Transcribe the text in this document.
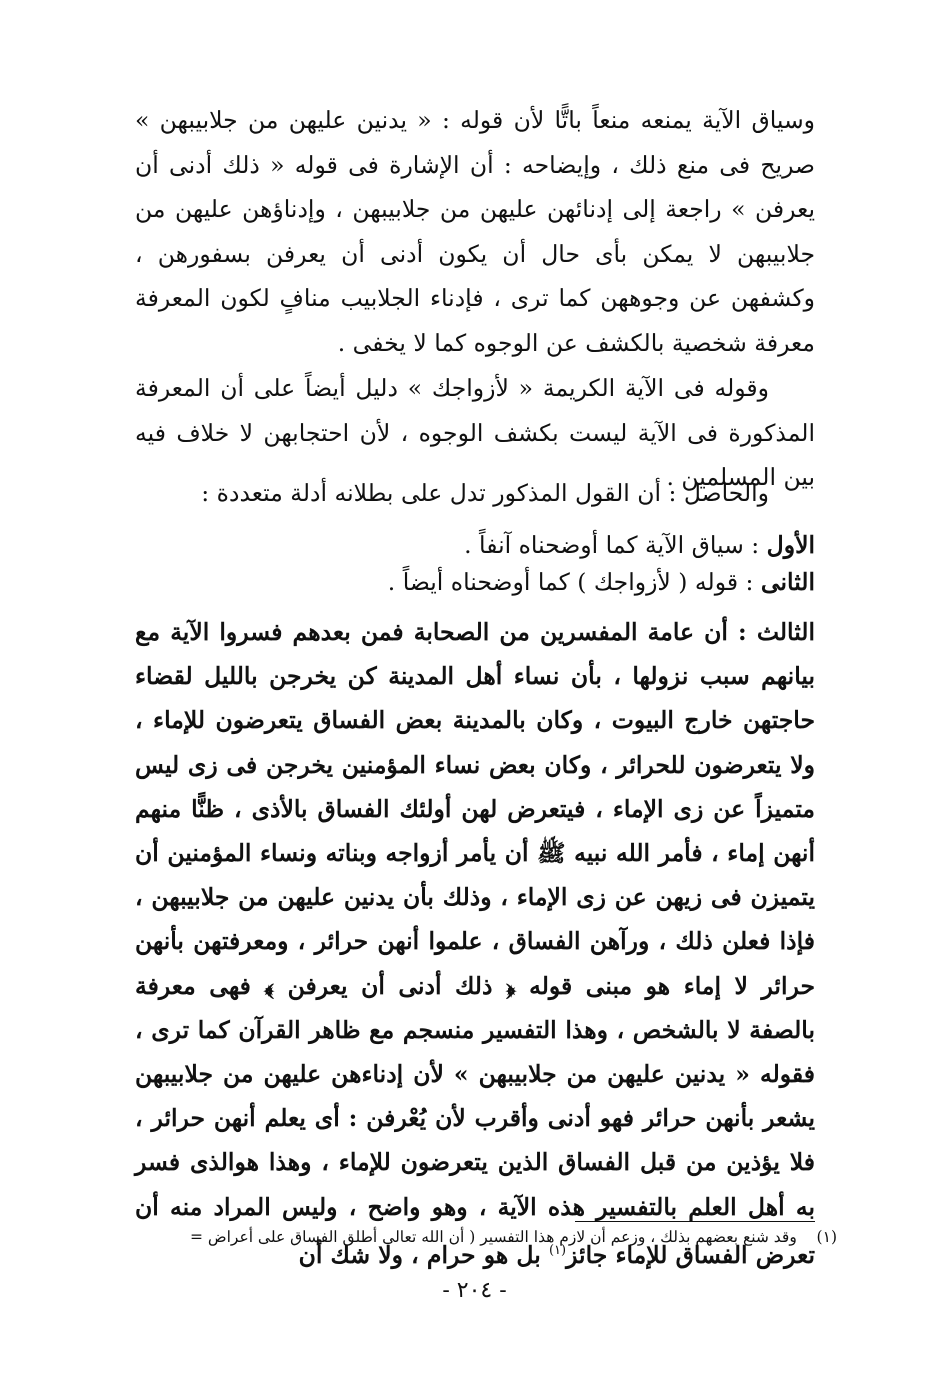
وسياق الآية يمنعه منعاً باتًّا لأن قوله : « يدنين عليهن من جلابيبهن » صريح فى منع ذلك ، وإيضاحه : أن الإشارة فى قوله « ذلك أدنى أن يعرفن » راجعة إلى إدنائهن عليهن من جلابيبهن ، وإدناؤهن عليهن من جلابيبهن لا يمكن بأى حال أن يكون أدنى أن يعرفن بسفورهن ، وكشفهن عن وجوههن كما ترى ، فإدناء الجلابيب منافٍ لكون المعرفة معرفة شخصية بالكشف عن الوجوه كما لا يخفى .

وقوله فى الآية الكريمة « لأزواجك » دليل أيضاً على أن المعرفة المذكورة فى الآية ليست بكشف الوجوه ، لأن احتجابهن لا خلاف فيه بين المسلمين .

والحاصل : أن القول المذكور تدل على بطلانه أدلة متعددة :

الأول : سياق الآية كما أوضحناه آنفاً .

الثانى : قوله ( لأزواجك ) كما أوضحناه أيضاً .

الثالث : أن عامة المفسرين من الصحابة فمن بعدهم فسروا الآية مع بيانهم سبب نزولها ، بأن نساء أهل المدينة كن يخرجن بالليل لقضاء حاجتهن خارج البيوت ، وكان بالمدينة بعض الفساق يتعرضون للإماء ، ولا يتعرضون للحرائر ، وكان بعض نساء المؤمنين يخرجن فى زى ليس متميزاً عن زى الإماء ، فيتعرض لهن أولئك الفساق بالأذى ، ظنًّا منهم أنهن إماء ، فأمر الله نبيه ﷺ أن يأمر أزواجه وبناته ونساء المؤمنين أن يتميزن فى زيهن عن زى الإماء ، وذلك بأن يدنين عليهن من جلابيبهن ، فإذا فعلن ذلك ، ورآهن الفساق ، علموا أنهن حرائر ، ومعرفتهن بأنهن حرائر لا إماء هو مبنى قوله ﴿ ذلك أدنى أن يعرفن ﴾ فهى معرفة بالصفة لا بالشخص ، وهذا التفسير منسجم مع ظاهر القرآن كما ترى ، فقوله « يدنين عليهن من جلابيبهن » لأن إدناءهن عليهن من جلابيبهن يشعر بأنهن حرائر فهو أدنى وأقرب لأن يُعْرفن : أى يعلم أنهن حرائر ، فلا يؤذين من قبل الفساق الذين يتعرضون للإماء ، وهذا هوالذى فسر به أهل العلم بالتفسير هذه الآية ، وهو واضح ، وليس المراد منه أن تعرض الفساق للإماء جائز$^{(١)}$ بل هو حرام ، ولا شك أن

(١)    وقد شنع بعضهم بذلك ، وزعم أن لازم هذا التفسير ( أن الله تعالى أطلق الفساق على أعراض =

- ٢٠٤ -
